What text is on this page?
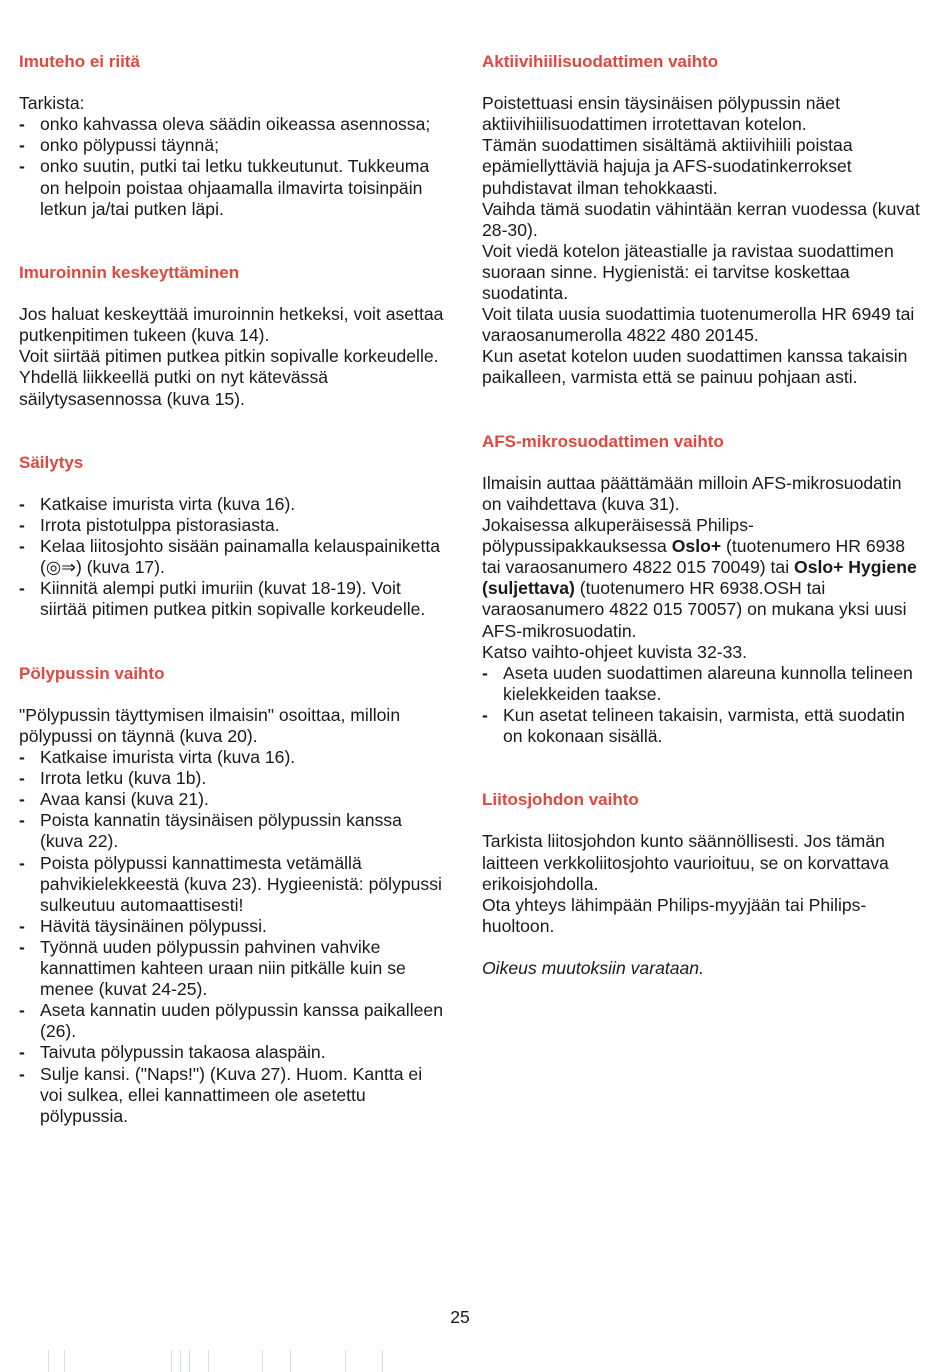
Imuteho ei riitä

Tarkista:

- onko kahvassa oleva säädin oikeassa asennossa;
- onko pölypussi täynnä;
- onko suutin, putki tai letku tukkeutunut. Tukkeuma on helpoin poistaa ohjaamalla ilmavirta toisinpäin letkun ja/tai putken läpi.

Imuroinnin keskeyttäminen

Jos haluat keskeyttää imuroinnin hetkeksi, voit asettaa putkenpitimen tukeen (kuva 14).

Voit siirtää pitimen putkea pitkin sopivalle korkeudelle.

Yhdellä liikkeellä putki on nyt kätevässä säilytysasennossa (kuva 15).

Säilytys

- Katkaise imurista virta (kuva 16).
- Irrota pistotulppa pistorasiasta.
- Kelaa liitosjohto sisään painamalla kelauspainiketta (◎⇒) (kuva 17).
- Kiinnitä alempi putki imuriin (kuvat 18-19). Voit siirtää pitimen putkea pitkin sopivalle korkeudelle.

Pölypussin vaihto

"Pölypussin täyttymisen ilmaisin" osoittaa, milloin pölypussi on täynnä (kuva 20).

- Katkaise imurista virta (kuva 16).
- Irrota letku (kuva 1b).
- Avaa kansi (kuva 21).
- Poista kannatin täysinäisen pölypussin kanssa (kuva 22).
- Poista pölypussi kannattimesta vetämällä pahvikielekkeestä (kuva 23). Hygieenistä: pölypussi sulkeutuu automaattisesti!
- Hävitä täysinäinen pölypussi.
- Työnnä uuden pölypussin pahvinen vahvike kannattimen kahteen uraan niin pitkälle kuin se menee (kuvat 24-25).
- Aseta kannatin uuden pölypussin kanssa paikalleen (26).
- Taivuta pölypussin takaosa alaspäin.
- Sulje kansi. ("Naps!") (Kuva 27). Huom. Kantta ei voi sulkea, ellei kannattimeen ole asetettu pölypussia.

Aktiivihiilisuodattimen vaihto

Poistettuasi ensin täysinäisen pölypussin näet aktiivihiilisuodattimen irrotettavan kotelon.

Tämän suodattimen sisältämä aktiivihiili poistaa epämiellyttäviä hajuja ja AFS-suodatinkerrokset puhdistavat ilman tehokkaasti.

Vaihda tämä suodatin vähintään kerran vuodessa (kuvat 28-30).

Voit viedä kotelon jäteastialle ja ravistaa suodattimen suoraan sinne. Hygienistä: ei tarvitse koskettaa suodatinta.

Voit tilata uusia suodattimia tuotenumerolla HR 6949 tai varaosanumerolla 4822 480 20145.

Kun asetat kotelon uuden suodattimen kanssa takaisin paikalleen, varmista että se painuu pohjaan asti.

AFS-mikrosuodattimen vaihto

Ilmaisin auttaa päättämään milloin AFS-mikrosuodatin on vaihdettava (kuva 31).

Jokaisessa alkuperäisessä Philips-pölypussipakkauksessa Oslo+ (tuotenumero HR 6938 tai varaosanumero 4822 015 70049) tai Oslo+ Hygiene (suljettava) (tuotenumero HR 6938.OSH tai varaosanumero 4822 015 70057) on mukana yksi uusi AFS-mikrosuodatin.

Katso vaihto-ohjeet kuvista 32-33.

- Aseta uuden suodattimen alareuna kunnolla telineen kielekkeiden taakse.
- Kun asetat telineen takaisin, varmista, että suodatin on kokonaan sisällä.

Liitosjohdon vaihto

Tarkista liitosjohdon kunto säännöllisesti. Jos tämän laitteen verkkoliitosjohto vaurioituu, se on korvattava erikoisjohdolla.

Ota yhteys lähimpään Philips-myyjään tai Philips-huoltoon.

Oikeus muutoksiin varataan.

25
